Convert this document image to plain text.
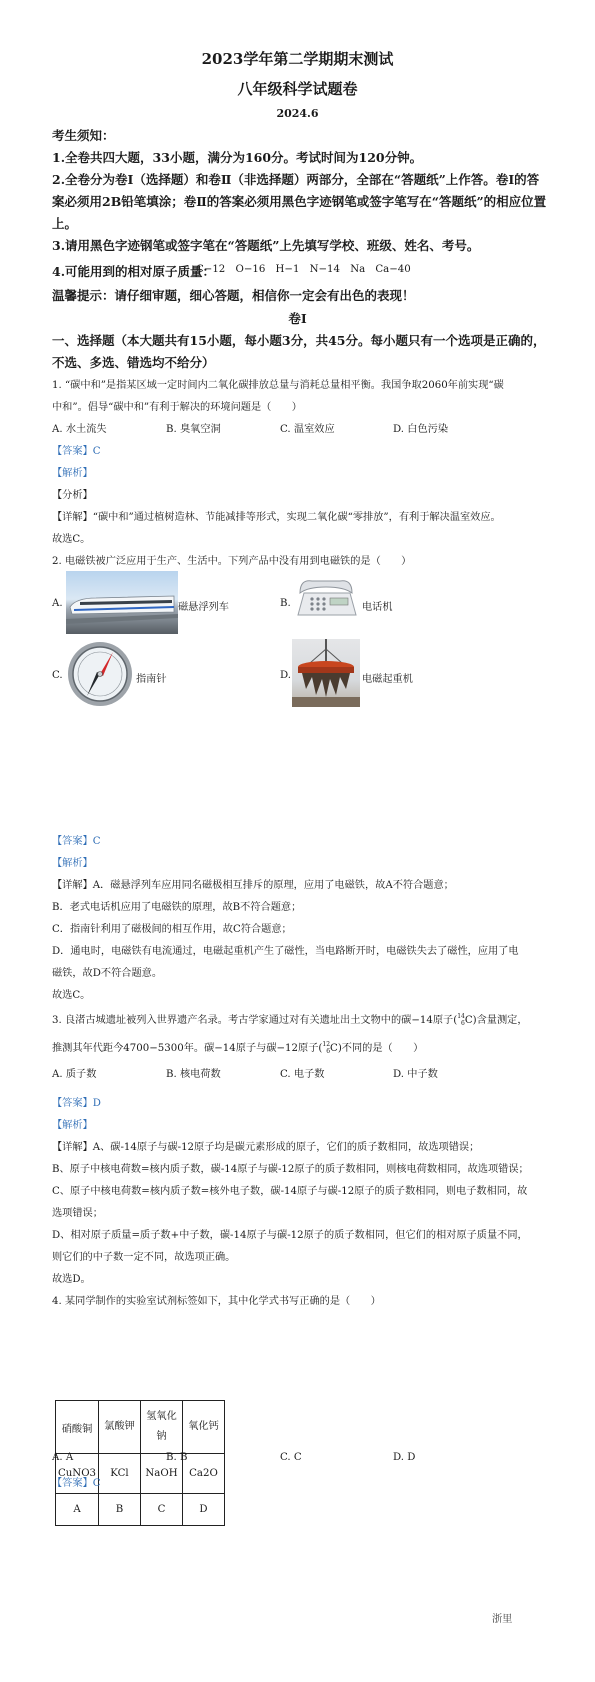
2023学年第二学期期末测试
八年级科学试题卷
2024.6
考生须知：
1.全卷共四大题，33小题，满分为160分。考试时间为120分钟。
2.全卷分为卷Ⅰ（选择题）和卷Ⅱ（非选择题）两部分，全部在“答题纸”上作答。卷Ⅰ的答
案必须用2B铅笔填涂；卷Ⅱ的答案必须用黑色字迹钢笔或签字笔写在“答题纸”的相应位置
上。
3.请用黑色字迹钢笔或签字笔在“答题纸”上先填写学校、班级、姓名、考号。
4.可能用到的相对原子质量：
C−12　O−16　H−1　N−14　Na　Ca−40
温馨提示：请仔细审题，细心答题，相信你一定会有出色的表现！
卷Ⅰ
一、选择题（本大题共有15小题，每小题3分，共45分。每小题只有一个选项是正确的，
不选、多选、错选均不给分）
1. “碳中和”是指某区域一定时间内二氧化碳排放总量与消耗总量相平衡。我国争取2060年前实现“碳
中和”。倡导“碳中和”有利于解决的环境问题是（　　）
A. 水土流失	B. 臭氧空洞	C. 温室效应	D. 白色污染
【答案】C
【解析】
【分析】
【详解】“碳中和”通过植树造林、节能减排等形式，实现二氧化碳“零排放”，有利于解决温室效应。
故选C。
2. 电磁铁被广泛应用于生产、生活中。下列产品中没有用到电磁铁的是（　　）
A.	磁悬浮列车	B.	电话机
C.	指南针	D.	电磁起重机
【答案】C
【解析】
【详解】A．磁悬浮列车应用同名磁极相互排斥的原理，应用了电磁铁，故A不符合题意；
B．老式电话机应用了电磁铁的原理，故B不符合题意；
C．指南针利用了磁极间的相互作用，故C符合题意；
D．通电时，电磁铁有电流通过，电磁起重机产生了磁性，当电路断开时，电磁铁失去了磁性，应用了电
磁铁，故D不符合题意。
故选C。
3. 良渚古城遗址被列入世界遗产名录。考古学家通过对有关遗址出土文物中的碳−14原子(14
6C)含量测定，
推测其年代距今4700−5300年。碳−14原子与碳−12原子(12
6C)不同的是（　　）
A. 质子数	B. 核电荷数	C. 电子数	D. 中子数
【答案】D
【解析】
【详解】A、碳-14原子与碳-12原子均是碳元素形成的原子，它们的质子数相同，故选项错误；
B、原子中核电荷数=核内质子数，碳-14原子与碳-12原子的质子数相同，则核电荷数相同，故选项错误；
C、原子中核电荷数=核内质子数=核外电子数，碳-14原子与碳-12原子的质子数相同，则电子数相同，故
选项错误；
D、相对原子质量=质子数+中子数，碳-14原子与碳-12原子的质子数相同，但它们的相对原子质量不同，
则它们的中子数一定不同，故选项正确。
故选D。
4. 某同学制作的实验室试剂标签如下，其中化学式书写正确的是（　　）
硝酸铜	氯酸钾	氢氧化钠	氧化钙
CuNO3	KCl	NaOH	Ca2O
A	B	C	D
A. A	B. B	C. C	D. D
【答案】C
浙里
